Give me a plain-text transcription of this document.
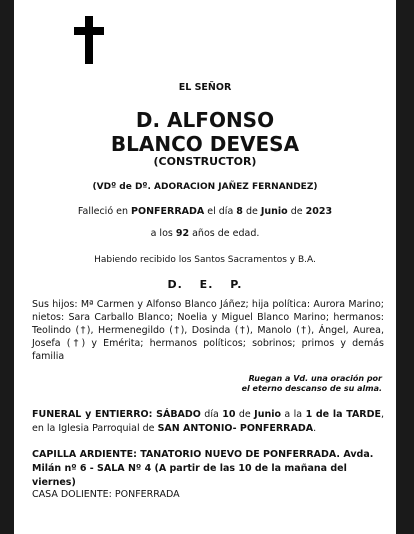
EL SEÑOR
D. ALFONSO
BLANCO DEVESA
(CONSTRUCTOR)
(VDº de Dº. ADORACION JAÑEZ FERNANDEZ)
Falleció en PONFERRADA el día 8 de Junio de 2023
a los 92 años de edad.
Habiendo recibido los Santos Sacramentos y B.A.
D. E. P.
Sus hijos: Mª Carmen y Alfonso Blanco Jáñez; hija política: Aurora Marino; nietos: Sara Carballo Blanco; Noelia y Miguel Blanco Marino; hermanos: Teolindo (†), Hermenegildo (†), Dosinda (†), Manolo (†), Ángel, Aurea, Josefa (†) y Emérita; hermanos políticos; sobrinos; primos y demás familia
Ruegan a Vd. una oración por
el eterno descanso de su alma.
FUNERAL y ENTIERRO: SÁBADO día 10 de Junio a la 1 de la TARDE, en la Iglesia Parroquial de SAN ANTONIO- PONFERRADA.
CAPILLA ARDIENTE: TANATORIO NUEVO DE PONFERRADA. Avda. Milán nº 6 - SALA Nº 4 (A partir de las 10 de la mañana del viernes)
CASA DOLIENTE: PONFERRADA
